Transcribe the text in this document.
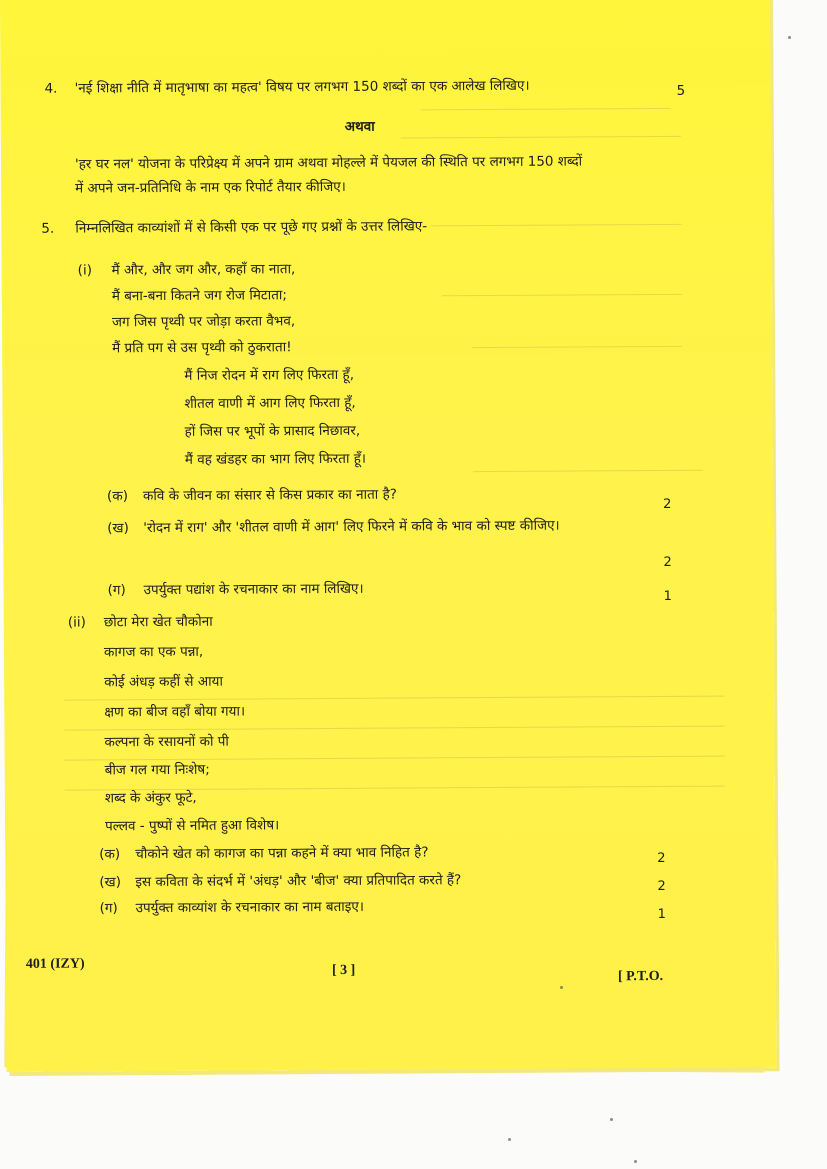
4. 'नई शिक्षा नीति में मातृभाषा का महत्व' विषय पर लगभग 150 शब्दों का एक आलेख लिखिए।	5
अथवा
'हर घर नल' योजना के परिप्रेक्ष्य में अपने ग्राम अथवा मोहल्ले में पेयजल की स्थिति पर लगभग 150 शब्दों
में अपने जन-प्रतिनिधि के नाम एक रिपोर्ट तैयार कीजिए।
5. निम्नलिखित काव्यांशों में से किसी एक पर पूछे गए प्रश्नों के उत्तर लिखिए-
(i) मैं और, और जग और, कहाँ का नाता,
मैं बना-बना कितने जग रोज मिटाता;
जग जिस पृथ्वी पर जोड़ा करता वैभव,
मैं प्रति पग से उस पृथ्वी को ठुकराता!
मैं निज रोदन में राग लिए फिरता हूँ,
शीतल वाणी में आग लिए फिरता हूँ,
हों जिस पर भूपों के प्रासाद निछावर,
मैं वह खंडहर का भाग लिए फिरता हूँ।
(क) कवि के जीवन का संसार से किस प्रकार का नाता है?
2
(ख) 'रोदन में राग' और 'शीतल वाणी में आग' लिए फिरने में कवि के भाव को स्पष्ट कीजिए।
2
(ग) उपर्युक्त पद्यांश के रचनाकार का नाम लिखिए।	1
(ii) छोटा मेरा खेत चौकोना
कागज का एक पन्ना,
कोई अंधड़ कहीं से आया
क्षण का बीज वहाँ बोया गया।
कल्पना के रसायनों को पी
बीज गल गया निःशेष;
शब्द के अंकुर फूटे,
पल्लव - पुष्पों से नमित हुआ विशेष।
(क) चौकोने खेत को कागज का पन्ना कहने में क्या भाव निहित है?	2
(ख) इस कविता के संदर्भ में 'अंधड़' और 'बीज' क्या प्रतिपादित करते हैं?	2
(ग) उपर्युक्त काव्यांश के रचनाकार का नाम बताइए।	1
401 (IZY)	[ 3 ]	[ P.T.O.
